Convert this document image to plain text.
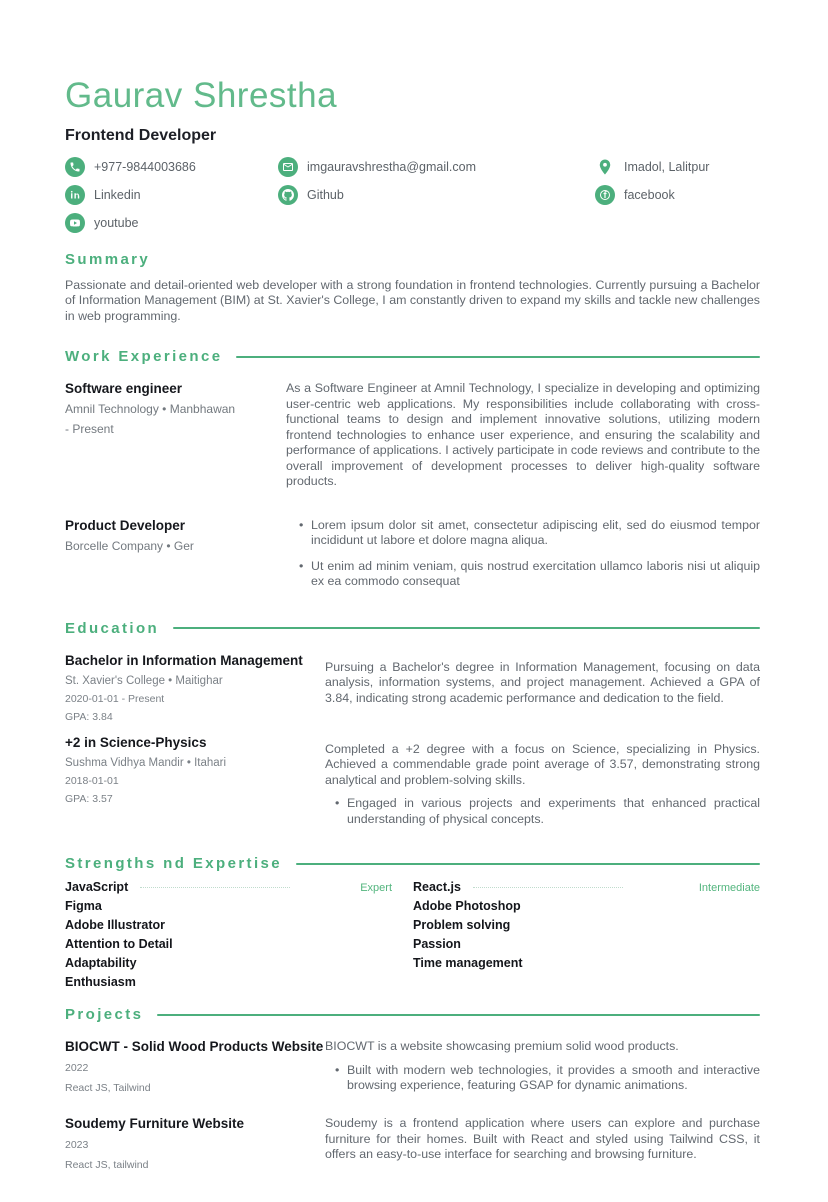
Gaurav Shrestha
Frontend Developer
+977-9844003686	imgauravshrestha@gmail.com	Imadol, Lalitpur
Linkedin	Github	facebook
youtube
Summary

Passionate and detail-oriented web developer with a strong foundation in frontend technologies. Currently pursuing a Bachelor of Information Management (BIM) at St. Xavier's College, I am constantly driven to expand my skills and tackle new challenges in web programming.

Work Experience
Software engineer
Amnil Technology • Manbhawan
- Present

As a Software Engineer at Amnil Technology, I specialize in developing and optimizing user-centric web applications. My responsibilities include collaborating with cross-functional teams to design and implement innovative solutions, utilizing modern frontend technologies to enhance user experience, and ensuring the scalability and performance of applications. I actively participate in code reviews and contribute to the overall improvement of development processes to deliver high-quality software products.

Product Developer
Borcelle Company • Ger

• Lorem ipsum dolor sit amet, consectetur adipiscing elit, sed do eiusmod tempor incididunt ut labore et dolore magna aliqua.

• Ut enim ad minim veniam, quis nostrud exercitation ullamco laboris nisi ut aliquip ex ea commodo consequat

Education
Bachelor in Information Management
St. Xavier's College • Maitighar
2020-01-01 - Present
GPA: 3.84

Pursuing a Bachelor's degree in Information Management, focusing on data analysis, information systems, and project management. Achieved a GPA of 3.84, indicating strong academic performance and dedication to the field.

+2 in Science-Physics
Sushma Vidhya Mandir • Itahari
2018-01-01
GPA: 3.57

Completed a +2 degree with a focus on Science, specializing in Physics. Achieved a commendable grade point average of 3.57, demonstrating strong analytical and problem-solving skills.

• Engaged in various projects and experiments that enhanced practical understanding of physical concepts.

Strengths nd Expertise
JavaScript	Expert
Figma
Adobe Illustrator
Attention to Detail
Adaptability
Enthusiasm
React.js	Intermediate
Adobe Photoshop
Problem solving
Passion
Time management
Projects
BIOCWT - Solid Wood Products Website
2022
React JS, Tailwind

BIOCWT is a website showcasing premium solid wood products.

• Built with modern web technologies, it provides a smooth and interactive browsing experience, featuring GSAP for dynamic animations.

Soudemy Furniture Website
2023
React JS, tailwind

Soudemy is a frontend application where users can explore and purchase furniture for their homes. Built with React and styled using Tailwind CSS, it offers an easy-to-use interface for searching and browsing furniture.
